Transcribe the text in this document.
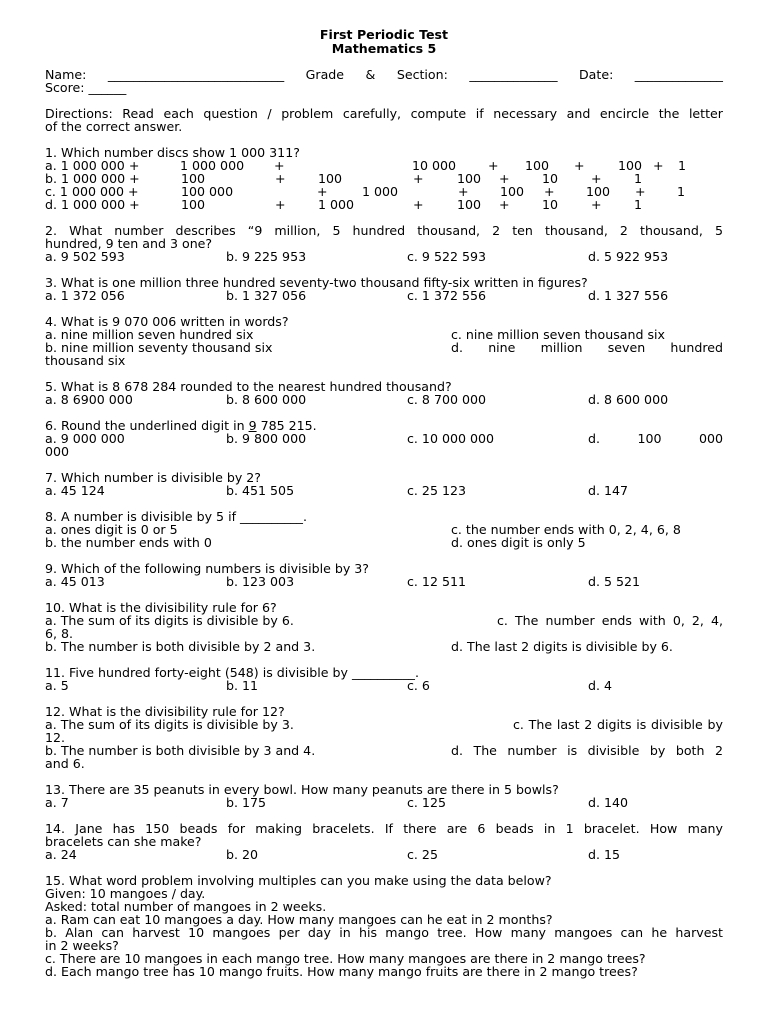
First Periodic Test
Mathematics 5
Name: ____________________________ Grade & Section: ______________ Date: ______________
Score: ______
Directions: Read each question / problem carefully, compute if necessary and encircle the letter
of the correct answer.
1. Which number discs show 1 000 311?
a. 1 000 000 +	1 000 000	+	10 000	+	100	+	100 +	1
b. 1 000 000 +	100	+	100	+	100	+	10	+	1
c. 1 000 000 +	100 000	+	1 000	+	100	+	100	+	1
d. 1 000 000 +	100	+	1 000	+	100	+	10	+	1
2. What number describes “9 million, 5 hundred thousand, 2 ten thousand, 2 thousand, 5
hundred, 9 ten and 3 one?
a. 9 502 593	b. 9 225 953	c. 9 522 593	d. 5 922 953
3. What is one million three hundred seventy-two thousand fifty-six written in figures?
a. 1 372 056	b. 1 327 056	c. 1 372 556	d. 1 327 556
4. What is 9 070 006 written in words?
a. nine million seven hundred six	c. nine million seven thousand six
b. nine million seventy thousand six	d. nine million seven hundred
thousand six
5. What is 8 678 284 rounded to the nearest hundred thousand?
a. 8 6900 000	b. 8 600 000	c. 8 700 000	d. 8 600 000
6. Round the underlined digit in 9 785 215.
a. 9 000 000	b. 9 800 000	c. 10 000 000	d. 100 000
000
7. Which number is divisible by 2?
a. 45 124	b. 451 505	c. 25 123	d. 147
8. A number is divisible by 5 if __________.
a. ones digit is 0 or 5	c. the number ends with 0, 2, 4, 6, 8
b. the number ends with 0	d. ones digit is only 5
9. Which of the following numbers is divisible by 3?
a. 45 013	b. 123 003	c. 12 511	d. 5 521
10. What is the divisibility rule for 6?
a. The sum of its digits is divisible by 6.	c. The number ends with 0, 2, 4,
6, 8.
b. The number is both divisible by 2 and 3.	d. The last 2 digits is divisible by 6.
11. Five hundred forty-eight (548) is divisible by __________.
a. 5	b. 11	c. 6	d. 4
12. What is the divisibility rule for 12?
a. The sum of its digits is divisible by 3.	c. The last 2 digits is divisible by
12.
b. The number is both divisible by 3 and 4.	d. The number is divisible by both 2
and 6.
13. There are 35 peanuts in every bowl. How many peanuts are there in 5 bowls?
a. 7	b. 175	c. 125	d. 140
14. Jane has 150 beads for making bracelets. If there are 6 beads in 1 bracelet. How many
bracelets can she make?
a. 24	b. 20	c. 25	d. 15
15. What word problem involving multiples can you make using the data below?
Given: 10 mangoes / day.
Asked: total number of mangoes in 2 weeks.
a. Ram can eat 10 mangoes a day. How many mangoes can he eat in 2 months?
b. Alan can harvest 10 mangoes per day in his mango tree. How many mangoes can he harvest
in 2 weeks?
c. There are 10 mangoes in each mango tree. How many mangoes are there in 2 mango trees?
d. Each mango tree has 10 mango fruits. How many mango fruits are there in 2 mango trees?
